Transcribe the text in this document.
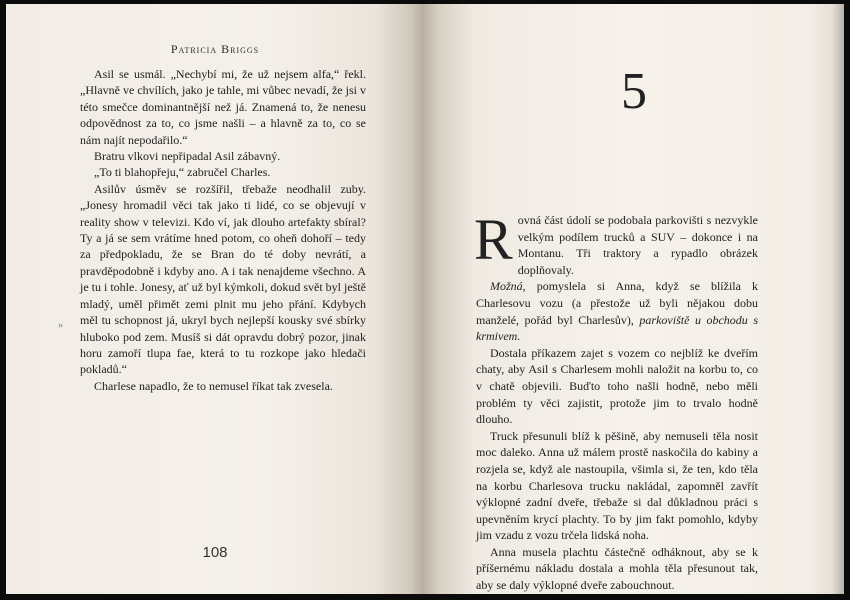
Patricia Briggs

Asil se usmál. „Nechybí mi, že už nejsem alfa,“ řekl. „Hlavně ve chvílích, jako je tahle, mi vůbec nevadí, že jsi v této smečce dominantnější než já. Znamená to, že nenesu odpovědnost za to, co jsme našli – a hlavně za to, co se nám najít nepodařilo.“

Bratru vlkovi nepřipadal Asil zábavný.

„To ti blahopřeju,“ zabručel Charles.

Asilův úsměv se rozšířil, třebaže neodhalil zuby. „Jonesy hromadil věci tak jako ti lidé, co se objevují v reality show v televizi. Kdo ví, jak dlouho artefakty sbíral? Ty a já se sem vrátíme hned potom, co oheň dohoří – tedy za předpokladu, že se Bran do té doby nevrátí, a pravděpodobně i kdyby ano. A i tak nenajdeme všechno. A je tu i tohle. Jonesy, ať už byl kýmkoli, dokud svět byl ještě mladý, uměl přimět zemi plnit mu jeho přání. Kdybych měl tu schopnost já, ukryl bych nejlepší kousky své sbírky hluboko pod zem. Musíš si dát opravdu dobrý pozor, jinak horu zamoří tlupa fae, která to tu rozkope jako hledači pokladů.“

Charlese napadlo, že to nemusel říkat tak zvesela.

»
108
5

Rovná část údolí se podobala parkovišti s nezvykle velkým podílem trucků a SUV – dokonce i na Montanu. Tři traktory a rypadlo obrázek doplňovaly.

Možná, pomyslela si Anna, když se blížila k Charlesovu vozu (a přestože už byli nějakou dobu manželé, pořád byl Charlesův), parkoviště u obchodu s krmivem.

Dostala příkazem zajet s vozem co nejblíž ke dveřím chaty, aby Asil s Charlesem mohli naložit na korbu to, co v chatě objevili. Buďto toho našli hodně, nebo měli problém ty věci zajistit, protože jim to trvalo hodně dlouho.

Truck přesunuli blíž k pěšině, aby nemuseli těla nosit moc daleko. Anna už málem prostě naskočila do kabiny a rozjela se, když ale nastoupila, všimla si, že ten, kdo těla na korbu Charlesova trucku nakládal, zapomněl zavřít výklopné zadní dveře, třebaže si dal důkladnou práci s upevněním krycí plachty. To by jim fakt pomohlo, kdyby jim vzadu z vozu trčela lidská noha.

Anna musela plachtu částečně odháknout, aby se k příšernému nákladu dostala a mohla těla přesunout tak, aby se daly výklopné dveře zabouchnout.
